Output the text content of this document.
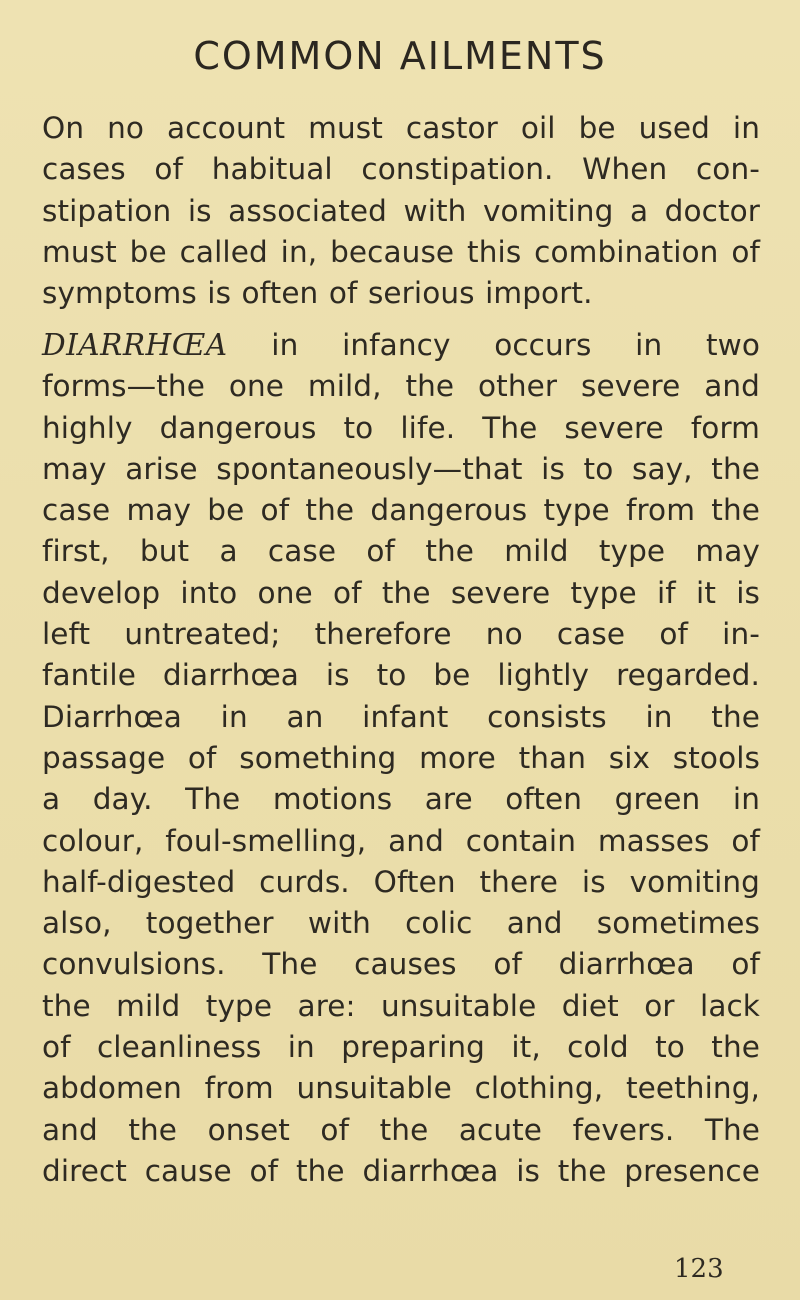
COMMON AILMENTS
On no account must castor oil be used in
cases of habitual constipation. When con-
stipation is associated with vomiting a doctor
must be called in, because this combination of
symptoms is often of serious import.
DIARRHŒA in infancy occurs in two
forms—the one mild, the other severe and
highly dangerous to life. The severe form
may arise spontaneously—that is to say, the
case may be of the dangerous type from the
first, but a case of the mild type may
develop into one of the severe type if it is
left untreated; therefore no case of in-
fantile diarrhœa is to be lightly regarded.
Diarrhœa in an infant consists in the
passage of something more than six stools
a day. The motions are often green in
colour, foul-smelling, and contain masses of
half-digested curds. Often there is vomiting
also, together with colic and sometimes
convulsions. The causes of diarrhœa of
the mild type are: unsuitable diet or lack
of cleanliness in preparing it, cold to the
abdomen from unsuitable clothing, teething,
and the onset of the acute fevers. The
direct cause of the diarrhœa is the presence
123
